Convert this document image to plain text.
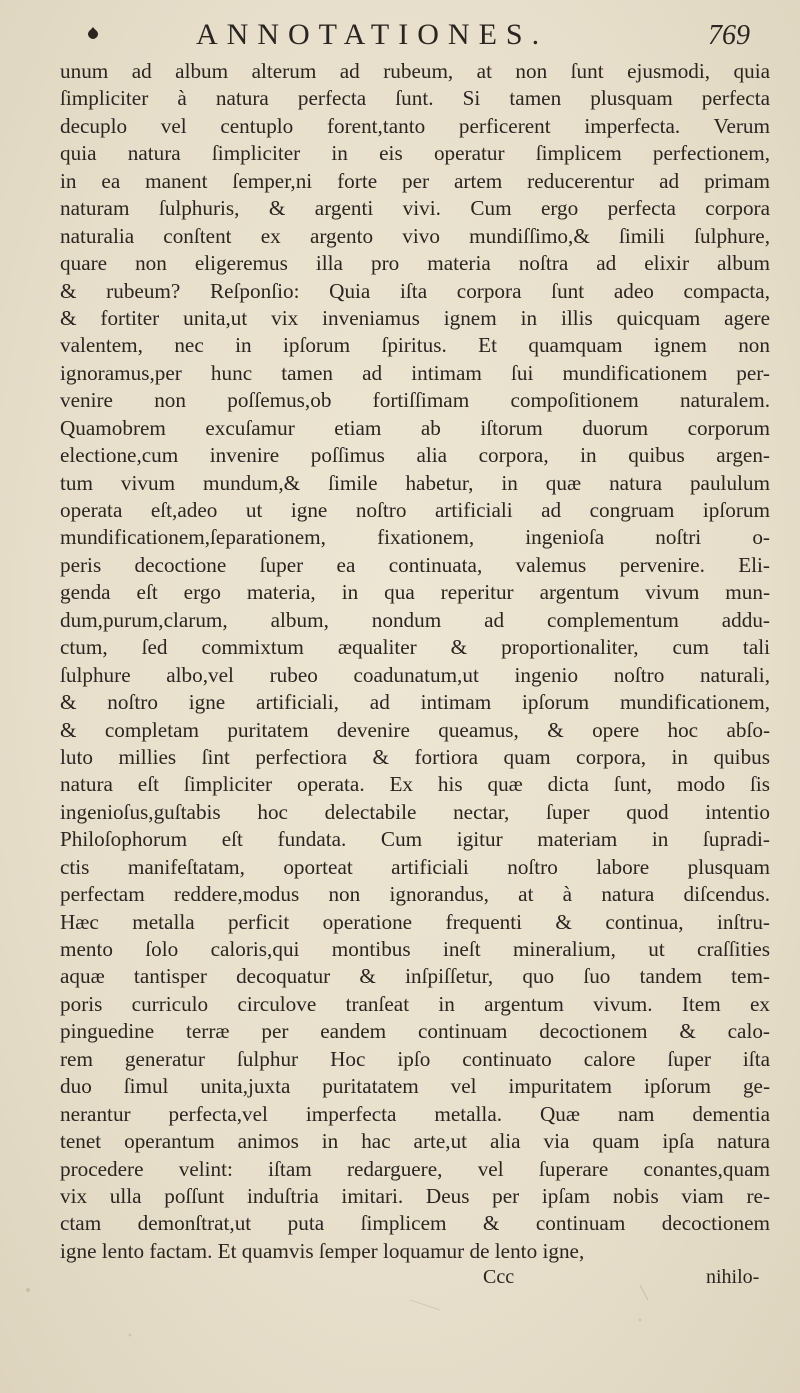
ANNOTATIONES.	769
unum ad album alterum ad rubeum, at non ſunt ejusmodi, quia
ſimpliciter à natura perfecta ſunt. Si tamen plusquam perfecta
decuplo vel centuplo forent,tanto perficerent imperfecta. Verum
quia natura ſimpliciter in eis operatur ſimplicem perfectionem,
in ea manent ſemper,ni forte per artem reducerentur ad primam
naturam ſulphuris, & argenti vivi. Cum ergo perfecta corpora
naturalia conſtent ex argento vivo mundiſſimo,& ſimili ſulphure,
quare non eligeremus illa pro materia noſtra ad elixir album
& rubeum? Reſponſio: Quia iſta corpora ſunt adeo compacta,
& fortiter unita,ut vix inveniamus ignem in illis quicquam agere
valentem, nec in ipſorum ſpiritus. Et quamquam ignem non
ignoramus,per hunc tamen ad intimam ſui mundificationem per-
venire non poſſemus,ob fortiſſimam compoſitionem naturalem.
Quamobrem excuſamur etiam ab iſtorum duorum corporum
electione,cum invenire poſſimus alia corpora, in quibus argen-
tum vivum mundum,& ſimile habetur, in quæ natura paululum
operata eſt,adeo ut igne noſtro artificiali ad congruam ipſorum
mundificationem,ſeparationem, fixationem, ingenioſa noſtri o-
peris decoctione ſuper ea continuata, valemus pervenire. Eli-
genda eſt ergo materia, in qua reperitur argentum vivum mun-
dum,purum,clarum, album, nondum ad complementum addu-
ctum, ſed commixtum æqualiter & proportionaliter, cum tali
ſulphure albo,vel rubeo coadunatum,ut ingenio noſtro naturali,
& noſtro igne artificiali, ad intimam ipſorum mundificationem,
& completam puritatem devenire queamus, & opere hoc abſo-
luto millies ſint perfectiora & fortiora quam corpora, in quibus
natura eſt ſimpliciter operata. Ex his quæ dicta ſunt, modo ſis
ingenioſus,guſtabis hoc delectabile nectar, ſuper quod intentio
Philoſophorum eſt fundata. Cum igitur materiam in ſupradi-
ctis manifeſtatam, oporteat artificiali noſtro labore plusquam
perfectam reddere,modus non ignorandus, at à natura diſcendus.
Hæc metalla perficit operatione frequenti & continua, inſtru-
mento ſolo caloris,qui montibus ineſt mineralium, ut craſſities
aquæ tantisper decoquatur & inſpiſſetur, quo ſuo tandem tem-
poris curriculo circulove tranſeat in argentum vivum. Item ex
pinguedine terræ per eandem continuam decoctionem & calo-
rem generatur ſulphur Hoc ipſo continuato calore ſuper iſta
duo ſimul unita,juxta puritatatem vel impuritatem ipſorum ge-
nerantur perfecta,vel imperfecta metalla. Quæ nam dementia
tenet operantum animos in hac arte,ut alia via quam ipſa natura
procedere velint: iſtam redarguere, vel ſuperare conantes,quam
vix ulla poſſunt induſtria imitari. Deus per ipſam nobis viam re-
ctam demonſtrat,ut puta ſimplicem & continuam decoctionem
igne lento factam. Et quamvis ſemper loquamur de lento igne,
Ccc	nihilo-
